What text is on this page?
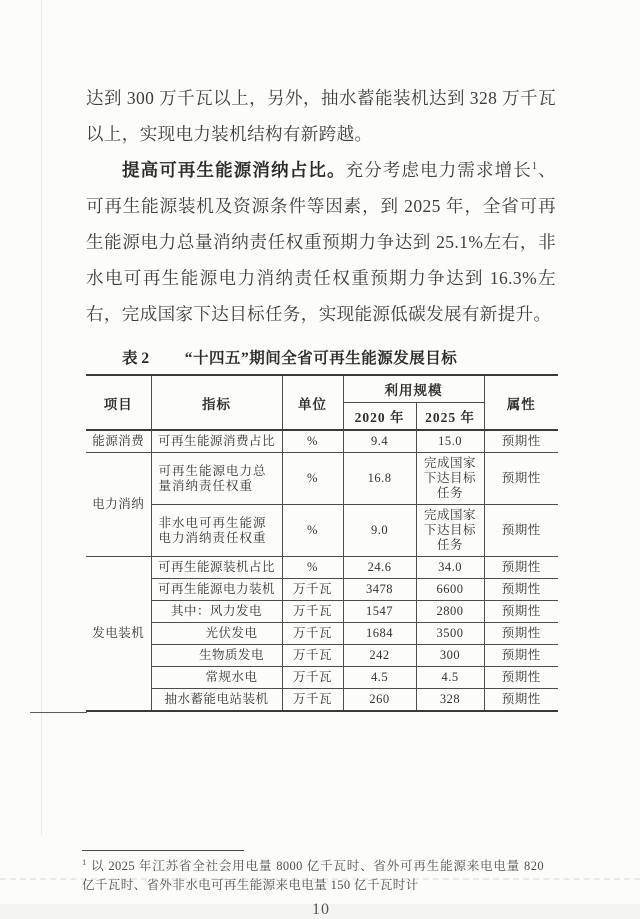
达到 300 万千瓦以上，另外，抽水蓄能装机达到 328 万千瓦以上，实现电力装机结构有新跨越。

提高可再生能源消纳占比。充分考虑电力需求增长$^1$、可再生能源装机及资源条件等因素，到 2025 年，全省可再生能源电力总量消纳责任权重预期力争达到 25.1%左右，非水电可再生能源电力消纳责任权重预期力争达到 16.3%左右，完成国家下达目标任务，实现能源低碳发展有新提升。

表 2	“十四五”期间全省可再生能源发展目标
项目	指标	单位	利用规模		属性
			2020 年	2025 年	
能源消费	可再生能源消费占比	%	9.4	15.0	预期性
电力消纳	可再生能源电力总量消纳责任权重	%	16.8	完成国家下达目标任务	预期性
	非水电可再生能源电力消纳责任权重	%	9.0	完成国家下达目标任务	预期性
发电装机	可再生能源装机占比	%	24.6	34.0	预期性
	可再生能源电力装机	万千瓦	3478	6600	预期性
	其中：风力发电	万千瓦	1547	2800	预期性
	光伏发电	万千瓦	1684	3500	预期性
	生物质发电	万千瓦	242	300	预期性
	常规水电	万千瓦	4.5	4.5	预期性
	抽水蓄能电站装机	万千瓦	260	328	预期性

$^1$ 以 2025 年江苏省全社会用电量 8000 亿千瓦时、省外可再生能源来电电量 820 亿千瓦时、省外非水电可再生能源来电电量 150 亿千瓦时计

10
